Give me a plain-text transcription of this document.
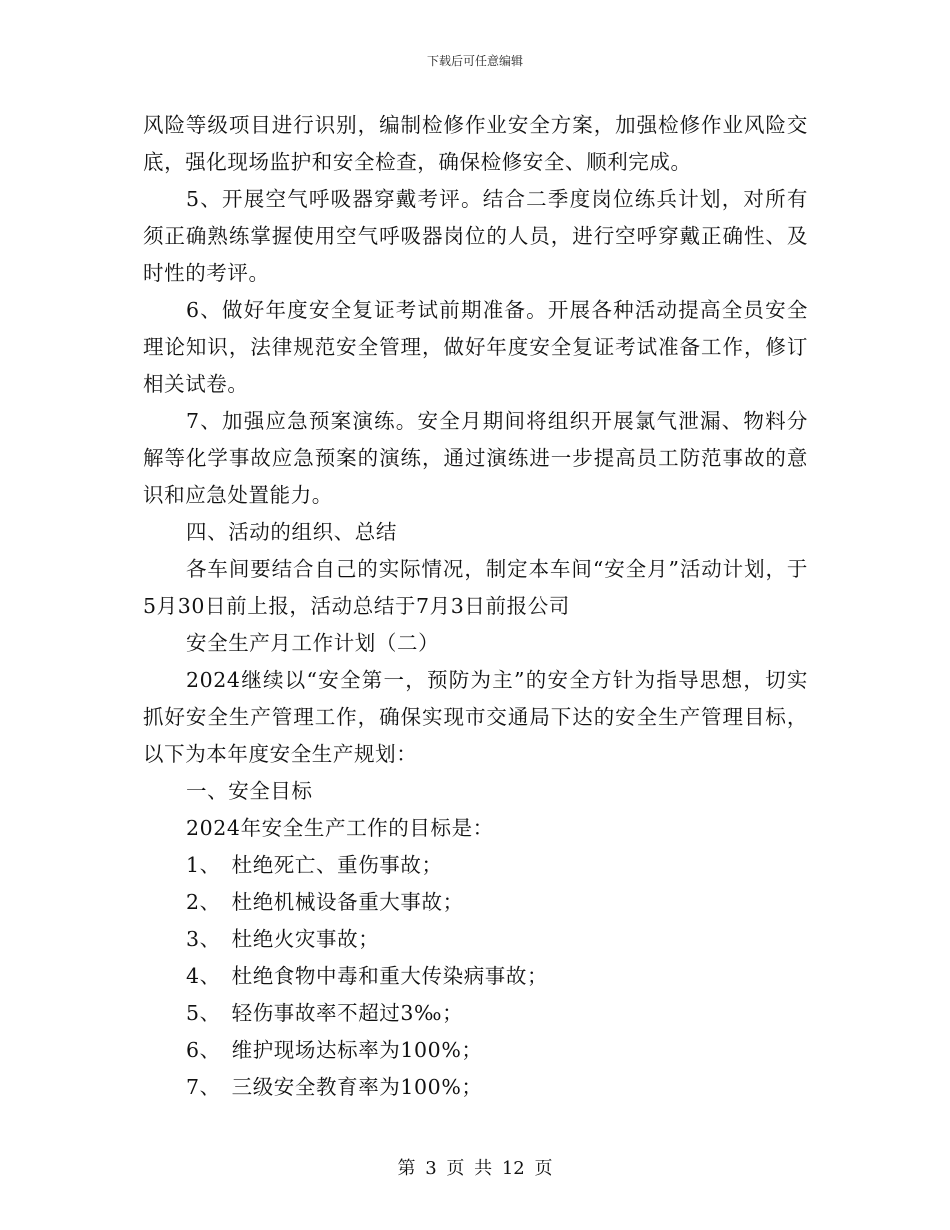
下载后可任意编辑

风险等级项目进行识别，编制检修作业安全方案，加强检修作业风险交底，强化现场监护和安全检查，确保检修安全、顺利完成。

5、开展空气呼吸器穿戴考评。结合二季度岗位练兵计划，对所有须正确熟练掌握使用空气呼吸器岗位的人员，进行空呼穿戴正确性、及时性的考评。

6、做好年度安全复证考试前期准备。开展各种活动提高全员安全理论知识，法律规范安全管理，做好年度安全复证考试准备工作，修订相关试卷。

7、加强应急预案演练。安全月期间将组织开展氯气泄漏、物料分解等化学事故应急预案的演练，通过演练进一步提高员工防范事故的意识和应急处置能力。

四、活动的组织、总结

各车间要结合自己的实际情况，制定本车间“安全月”活动计划，于5月30日前上报，活动总结于7月3日前报公司

安全生产月工作计划（二）

2024继续以“安全第一，预防为主”的安全方针为指导思想，切实抓好安全生产管理工作，确保实现市交通局下达的安全生产管理目标，以下为本年度安全生产规划：

一、安全目标

2024年安全生产工作的目标是：

1、　杜绝死亡、重伤事故；

2、　杜绝机械设备重大事故；

3、　杜绝火灾事故；

4、　杜绝食物中毒和重大传染病事故；

5、　轻伤事故率不超过3‰；

6、　维护现场达标率为100%；

7、　三级安全教育率为100%；

第 3 页 共 12 页
